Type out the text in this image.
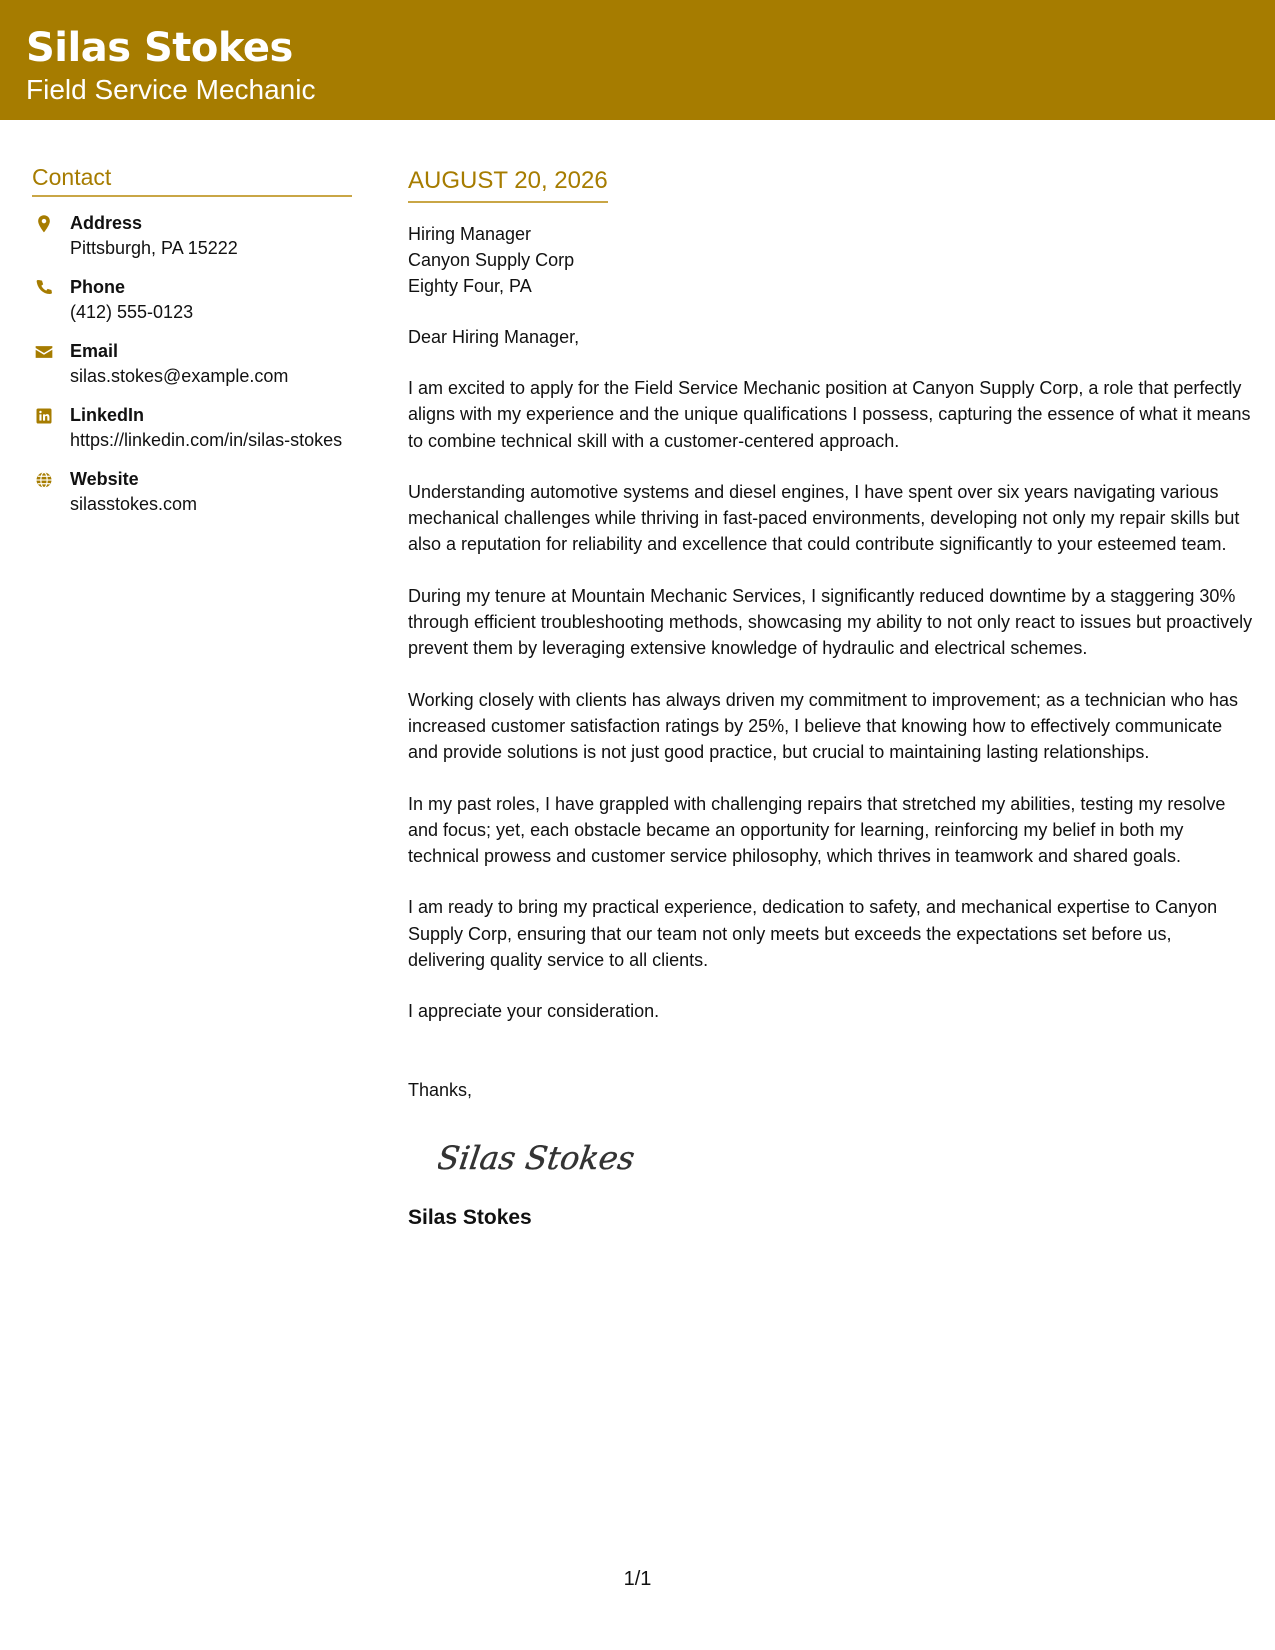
Silas Stokes
Field Service Mechanic
Contact
Address
Pittsburgh, PA 15222
Phone
(412) 555-0123
Email
silas.stokes@example.com
LinkedIn
https://linkedin.com/in/silas-stokes
Website
silasstokes.com
AUGUST 20, 2026
Hiring Manager
Canyon Supply Corp
Eighty Four, PA
Dear Hiring Manager,
I am excited to apply for the Field Service Mechanic position at Canyon Supply Corp, a role that perfectly aligns with my experience and the unique qualifications I possess, capturing the essence of what it means to combine technical skill with a customer-centered approach.
Understanding automotive systems and diesel engines, I have spent over six years navigating various mechanical challenges while thriving in fast-paced environments, developing not only my repair skills but also a reputation for reliability and excellence that could contribute significantly to your esteemed team.
During my tenure at Mountain Mechanic Services, I significantly reduced downtime by a staggering 30% through efficient troubleshooting methods, showcasing my ability to not only react to issues but proactively prevent them by leveraging extensive knowledge of hydraulic and electrical schemes.
Working closely with clients has always driven my commitment to improvement; as a technician who has increased customer satisfaction ratings by 25%, I believe that knowing how to effectively communicate and provide solutions is not just good practice, but crucial to maintaining lasting relationships.
In my past roles, I have grappled with challenging repairs that stretched my abilities, testing my resolve and focus; yet, each obstacle became an opportunity for learning, reinforcing my belief in both my technical prowess and customer service philosophy, which thrives in teamwork and shared goals.
I am ready to bring my practical experience, dedication to safety, and mechanical expertise to Canyon Supply Corp, ensuring that our team not only meets but exceeds the expectations set before us, delivering quality service to all clients.
I appreciate your consideration.
Thanks,
Silas Stokes
Silas Stokes
1/1
